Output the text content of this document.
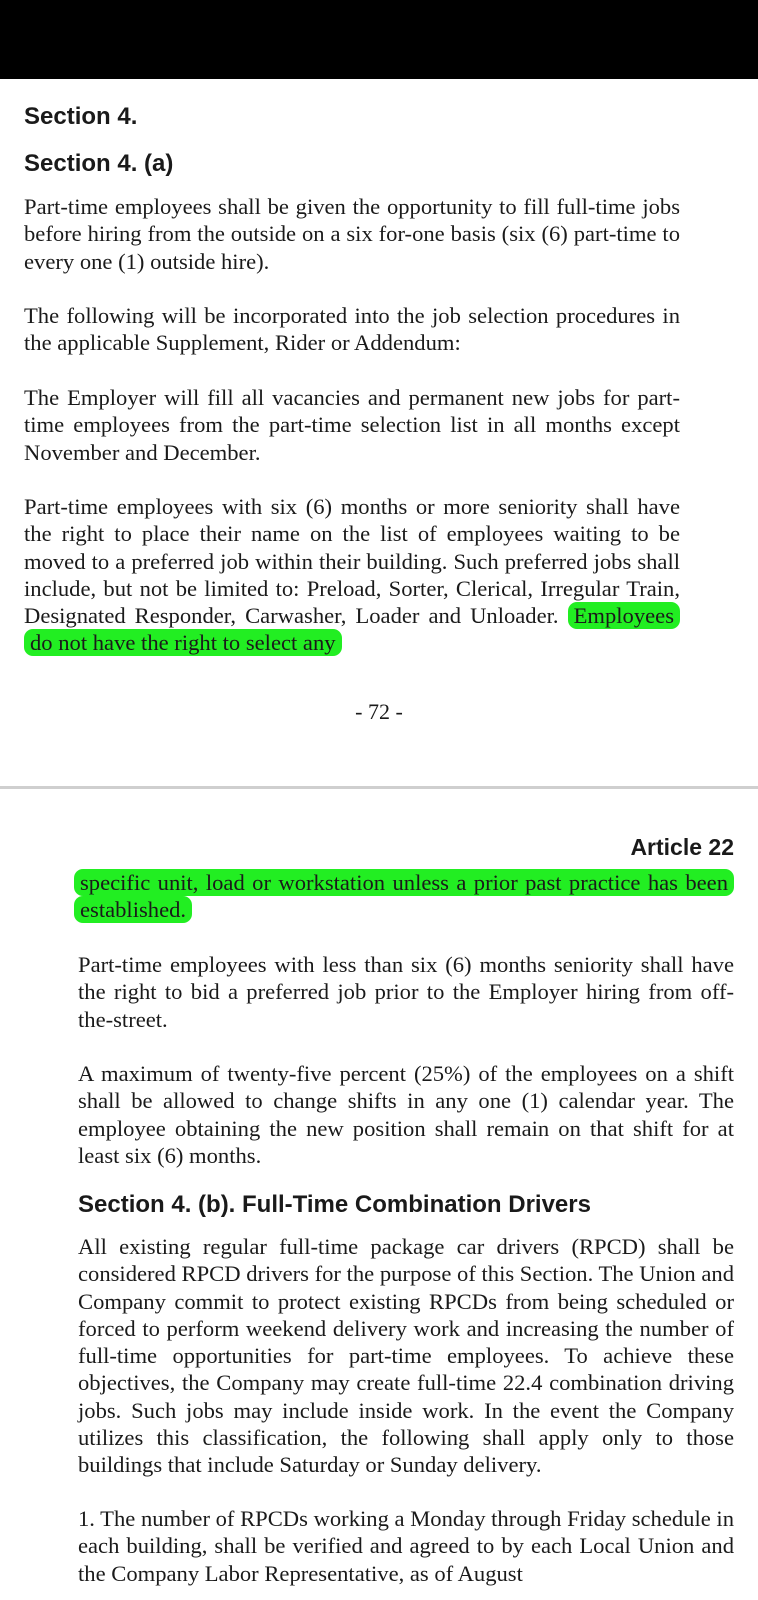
Section 4.
Section 4. (a)

Part-time employees shall be given the opportunity to fill full-time jobs before hiring from the outside on a six for-one basis (six (6) part-time to every one (1) outside hire).

The following will be incorporated into the job selection procedures in the applicable Supplement, Rider or Addendum:

The Employer will fill all vacancies and permanent new jobs for part-time employees from the part-time selection list in all months except November and December.

Part-time employees with six (6) months or more seniority shall have the right to place their name on the list of employees waiting to be moved to a preferred job within their building. Such preferred jobs shall include, but not be limited to: Preload, Sorter, Clerical, Irregular Train, Designated Responder, Carwasher, Loader and Unloader. Employees do not have the right to select any

- 72 -

Article 22

specific unit, load or workstation unless a prior past practice has been established.

Part-time employees with less than six (6) months seniority shall have the right to bid a preferred job prior to the Employer hiring from off-the-street.

A maximum of twenty-five percent (25%) of the employees on a shift shall be allowed to change shifts in any one (1) calendar year. The employee obtaining the new position shall remain on that shift for at least six (6) months.

Section 4. (b). Full-Time Combination Drivers

All existing regular full-time package car drivers (RPCD) shall be considered RPCD drivers for the purpose of this Section. The Union and Company commit to protect existing RPCDs from being scheduled or forced to perform weekend delivery work and increasing the number of full-time opportunities for part-time employees. To achieve these objectives, the Company may create full-time 22.4 combination driving jobs. Such jobs may include inside work. In the event the Company utilizes this classification, the following shall apply only to those buildings that include Saturday or Sunday delivery.

1. The number of RPCDs working a Monday through Friday schedule in each building, shall be verified and agreed to by each Local Union and the Company Labor Representative, as of August
